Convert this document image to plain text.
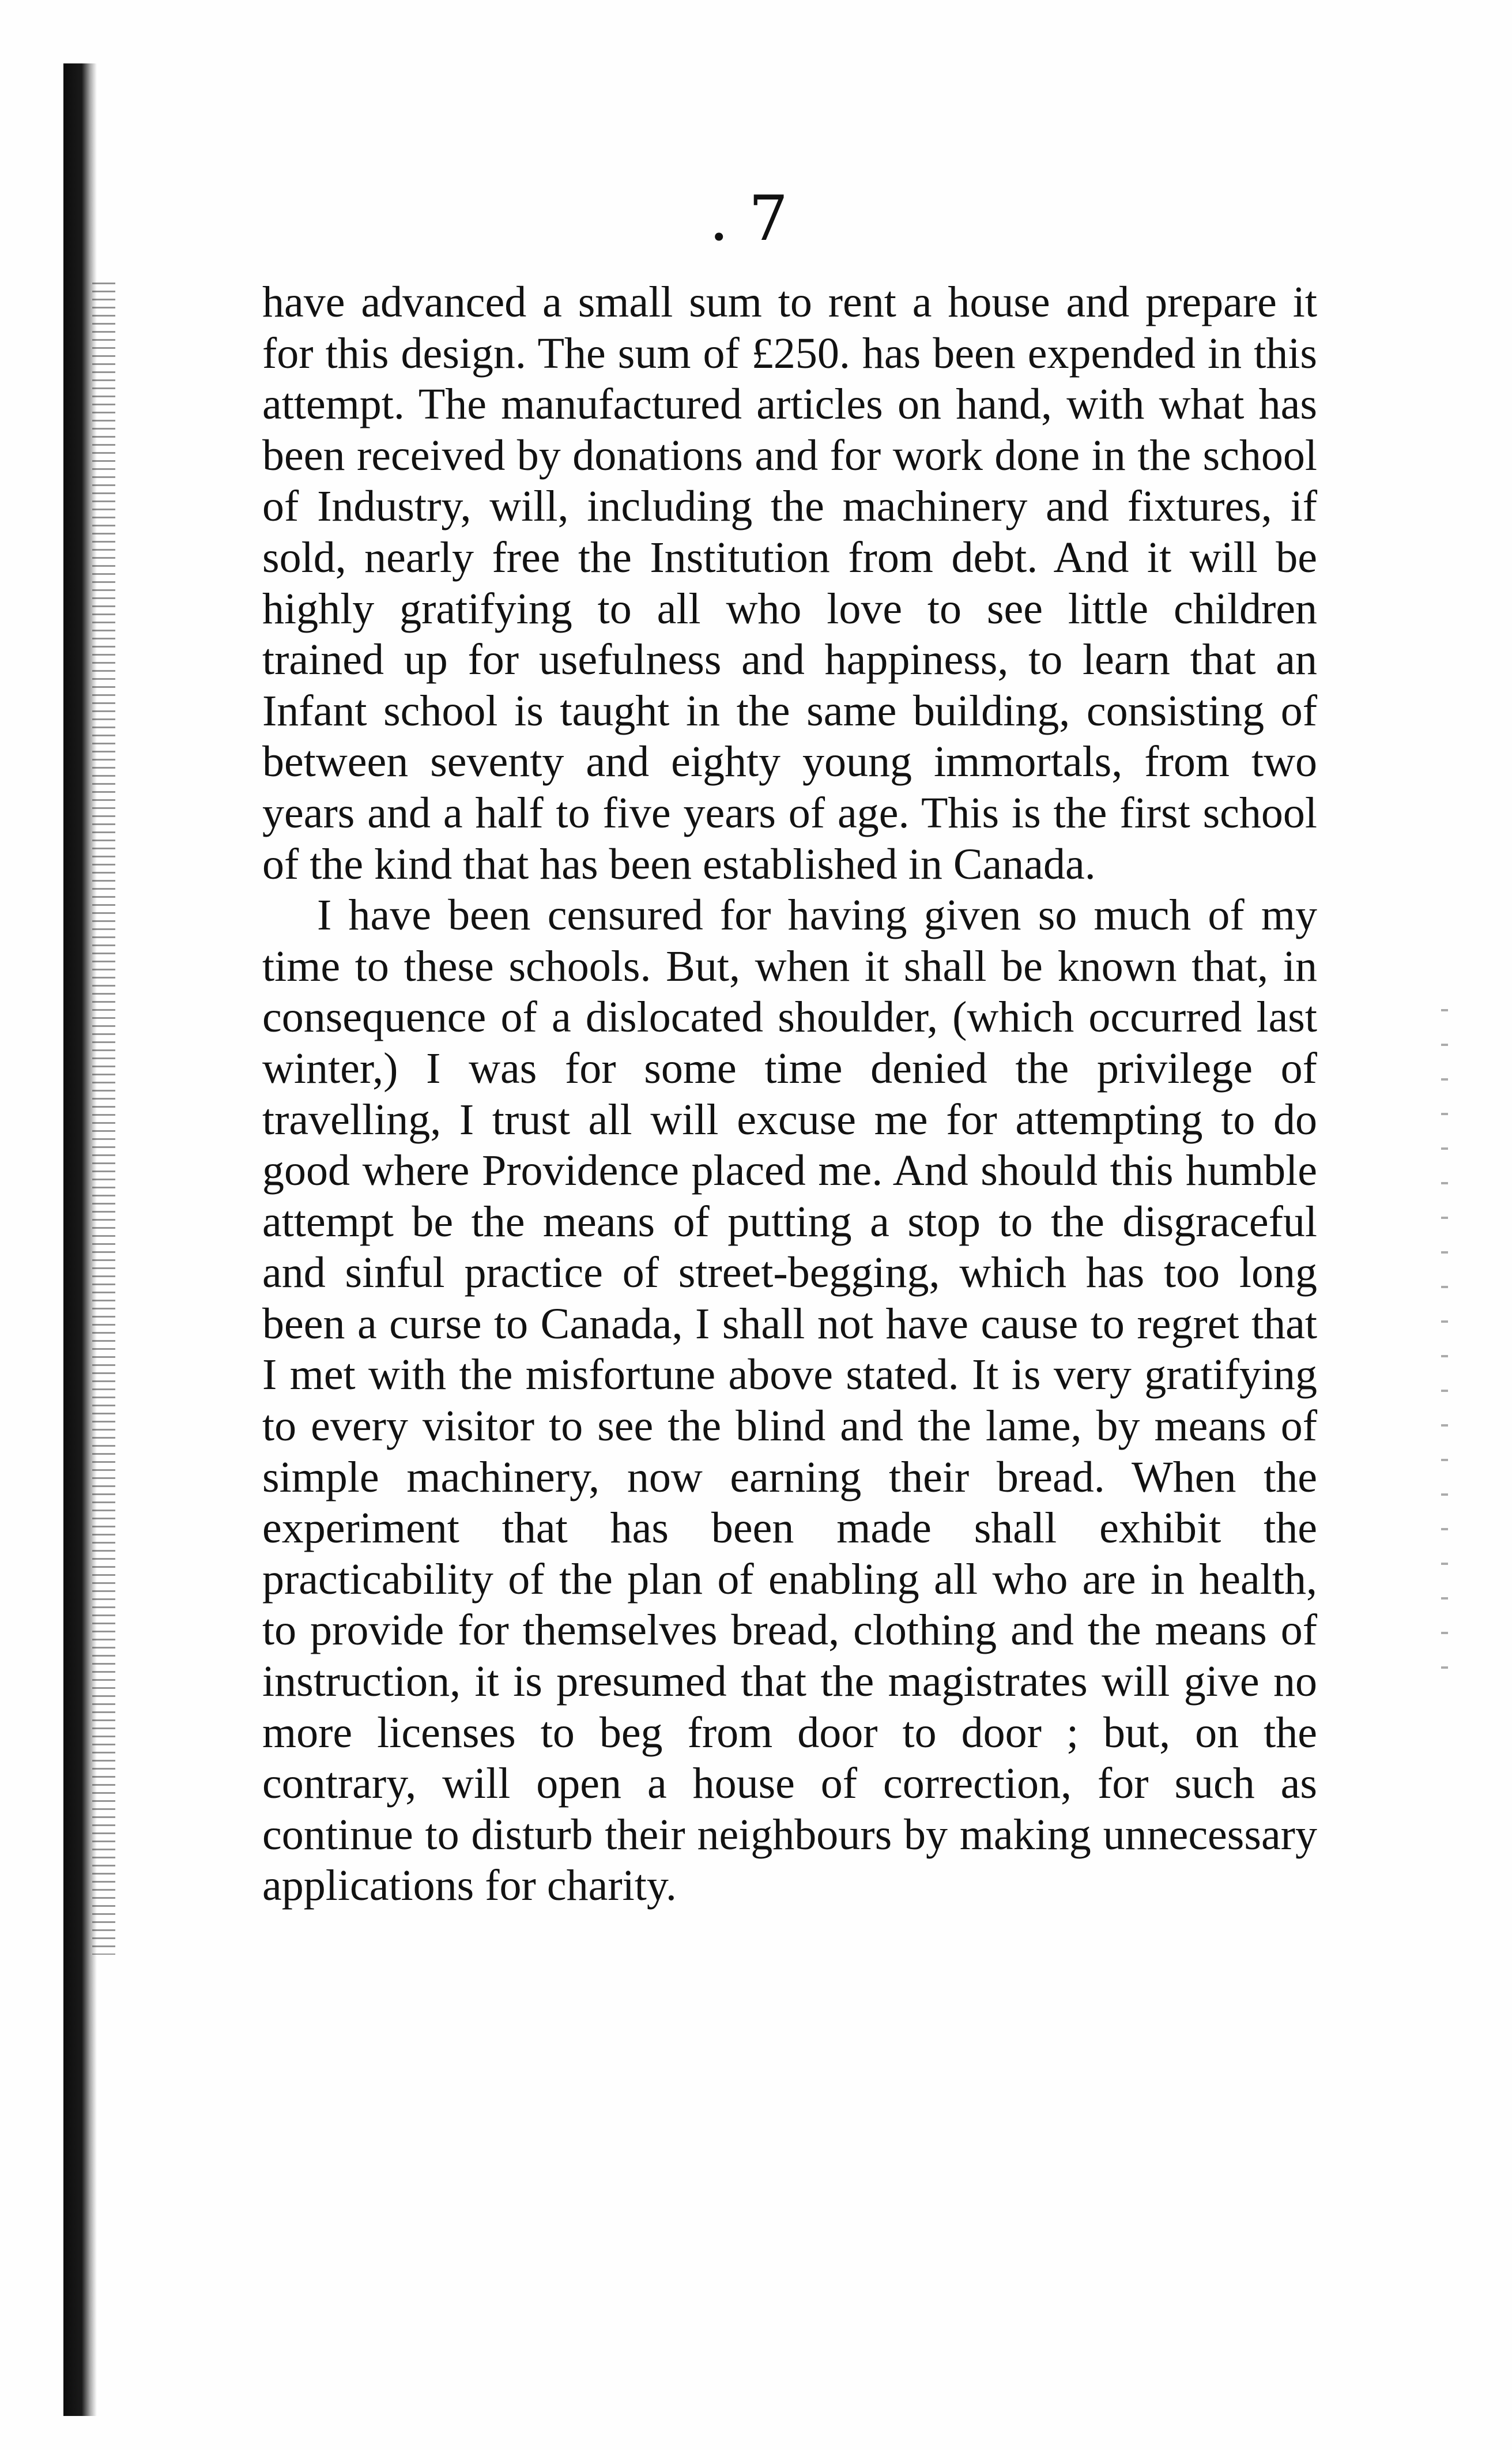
. 7

have advanced a small sum to rent a house and prepare it for this design. The sum of £250. has been expended in this attempt. The manufactured articles on hand, with what has been received by donations and for work done in the school of Industry, will, including the machinery and fixtures, if sold, nearly free the Institution from debt. And it will be highly gratifying to all who love to see little children trained up for usefulness and happiness, to learn that an Infant school is taught in the same building, consisting of between seventy and eighty young immortals, from two years and a half to five years of age. This is the first school of the kind that has been established in Canada.

I have been censured for having given so much of my time to these schools. But, when it shall be known that, in consequence of a dislocated shoulder, (which occurred last winter,) I was for some time denied the privilege of travelling, I trust all will excuse me for attempting to do good where Providence placed me. And should this humble attempt be the means of putting a stop to the disgraceful and sinful practice of street-begging, which has too long been a curse to Canada, I shall not have cause to regret that I met with the misfortune above stated. It is very gratifying to every visitor to see the blind and the lame, by means of simple machinery, now earning their bread. When the experiment that has been made shall exhibit the practicability of the plan of enabling all who are in health, to provide for themselves bread, clothing and the means of instruction, it is presumed that the magistrates will give no more licenses to beg from door to door ; but, on the contrary, will open a house of correction, for such as continue to disturb their neighbours by making unnecessary applications for charity.
